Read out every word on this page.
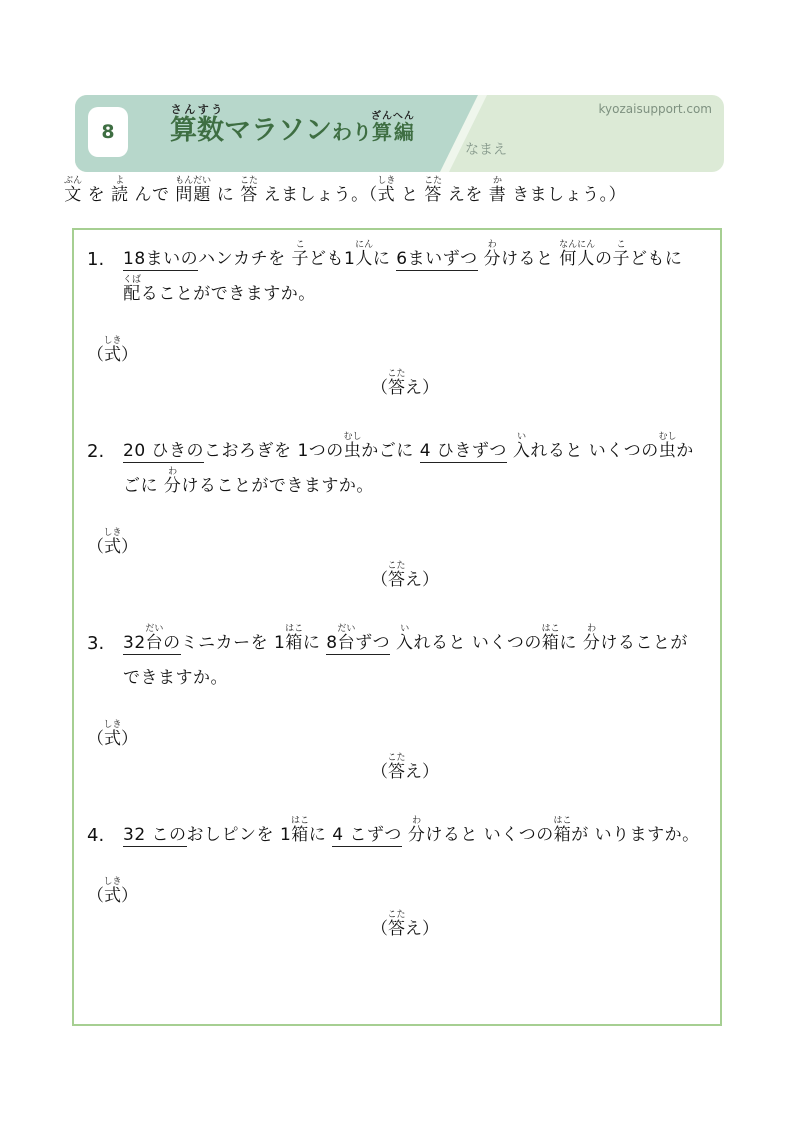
8 算数さんすうマラソン わり算編ざんへん
なまえ
kyozaisupport.com
文ぶん を 読よ んで 問題もんだい に 答こた えましょう。（式しき と 答こた えを 書か きましょう。）
1.	18まいのハンカチを 子こども1人にんに 6まいずつ 分わけると 何人なんにんの子こどもに
配くばることができますか。
（式しき）
（答こたえ）
2.	20 ひきのこおろぎを 1つの虫むしかごに 4 ひきずつ 入いれると いくつの虫むしか
ごに 分わけることができますか。
（式しき）
（答こたえ）
3.	32台だいのミニカーを 1箱はこに 8台だいずつ 入いれると いくつの箱はこに 分わけることが
できますか。
（式しき）
（答こたえ）
4.	32 このおしピンを 1箱はこに 4 こずつ 分わけると いくつの箱はこが いりますか。
（式しき）
（答こたえ）
